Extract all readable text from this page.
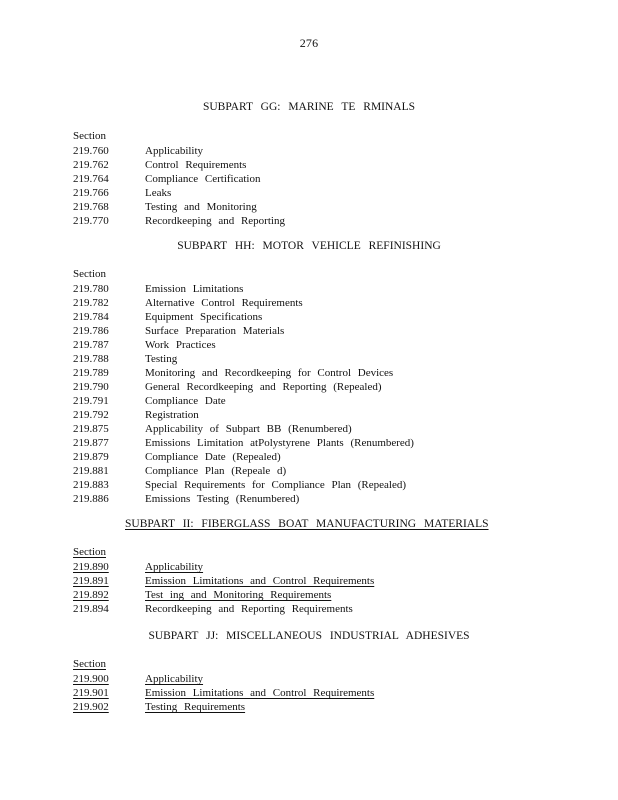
276
SUBPART GG: MARINE TE RMINALS
Section
219.760	Applicability
219.762	Control Requirements
219.764	Compliance Certification
219.766	Leaks
219.768	Testing and Monitoring
219.770	Recordkeeping and Reporting
SUBPART HH: MOTOR VEHICLE REFINISHING
Section
219.780	Emission Limitations
219.782	Alternative Control Requirements
219.784	Equipment Specifications
219.786	Surface Preparation Materials
219.787	Work Practices
219.788	Testing
219.789	Monitoring and Recordkeeping for Control Devices
219.790	General Recordkeeping and Reporting (Repealed)
219.791	Compliance Date
219.792	Registration
219.875	Applicability of Subpart BB (Renumbered)
219.877	Emissions Limitation atPolystyrene Plants (Renumbered)
219.879	Compliance Date (Repealed)
219.881	Compliance Plan (Repeale d)
219.883	Special Requirements for Compliance Plan (Repealed)
219.886	Emissions Testing (Renumbered)
SUBPART II: FIBERGLASS BOAT MANUFACTURING MATERIALS
Section
219.890	Applicability
219.891	Emission Limitations and Control Requirements
219.892	Test ing and Monitoring Requirements
219.894	Recordkeeping and Reporting Requirements
SUBPART JJ: MISCELLANEOUS INDUSTRIAL ADHESIVES
Section
219.900	Applicability
219.901	Emission Limitations and Control Requirements
219.902	Testing Requirements
